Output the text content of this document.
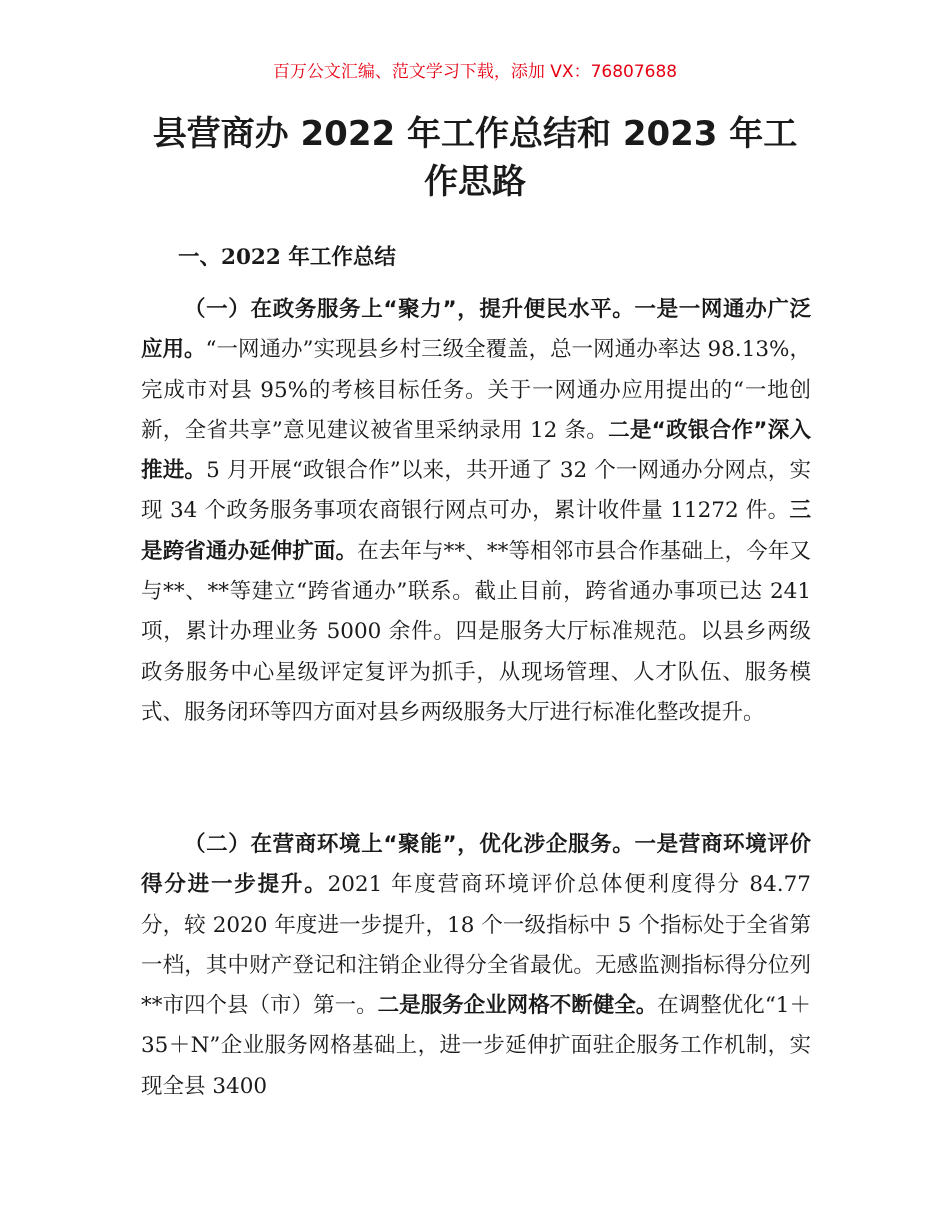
百万公文汇编、范文学习下载，添加 VX：76807688
县营商办 2022 年工作总结和 2023 年工作思路
一、2022 年工作总结

（一）在政务服务上“聚力”，提升便民水平。一是一网通办广泛应用。“一网通办”实现县乡村三级全覆盖，总一网通办率达 98.13%，完成市对县 95%的考核目标任务。关于一网通办应用提出的“一地创新，全省共享”意见建议被省里采纳录用 12 条。二是“政银合作”深入推进。5 月开展“政银合作”以来，共开通了 32 个一网通办分网点，实现 34 个政务服务事项农商银行网点可办，累计收件量 11272 件。三是跨省通办延伸扩面。在去年与**、**等相邻市县合作基础上，今年又与**、**等建立“跨省通办”联系。截止目前，跨省通办事项已达 241 项，累计办理业务 5000 余件。四是服务大厅标准规范。以县乡两级政务服务中心星级评定复评为抓手，从现场管理、人才队伍、服务模式、服务闭环等四方面对县乡两级服务大厅进行标准化整改提升。

（二）在营商环境上“聚能”，优化涉企服务。一是营商环境评价得分进一步提升。2021 年度营商环境评价总体便利度得分 84.77 分，较 2020 年度进一步提升，18 个一级指标中 5 个指标处于全省第一档，其中财产登记和注销企业得分全省最优。无感监测指标得分位列**市四个县（市）第一。二是服务企业网格不断健全。在调整优化“1＋35＋N”企业服务网格基础上，进一步延伸扩面驻企服务工作机制，实现全县 3400
